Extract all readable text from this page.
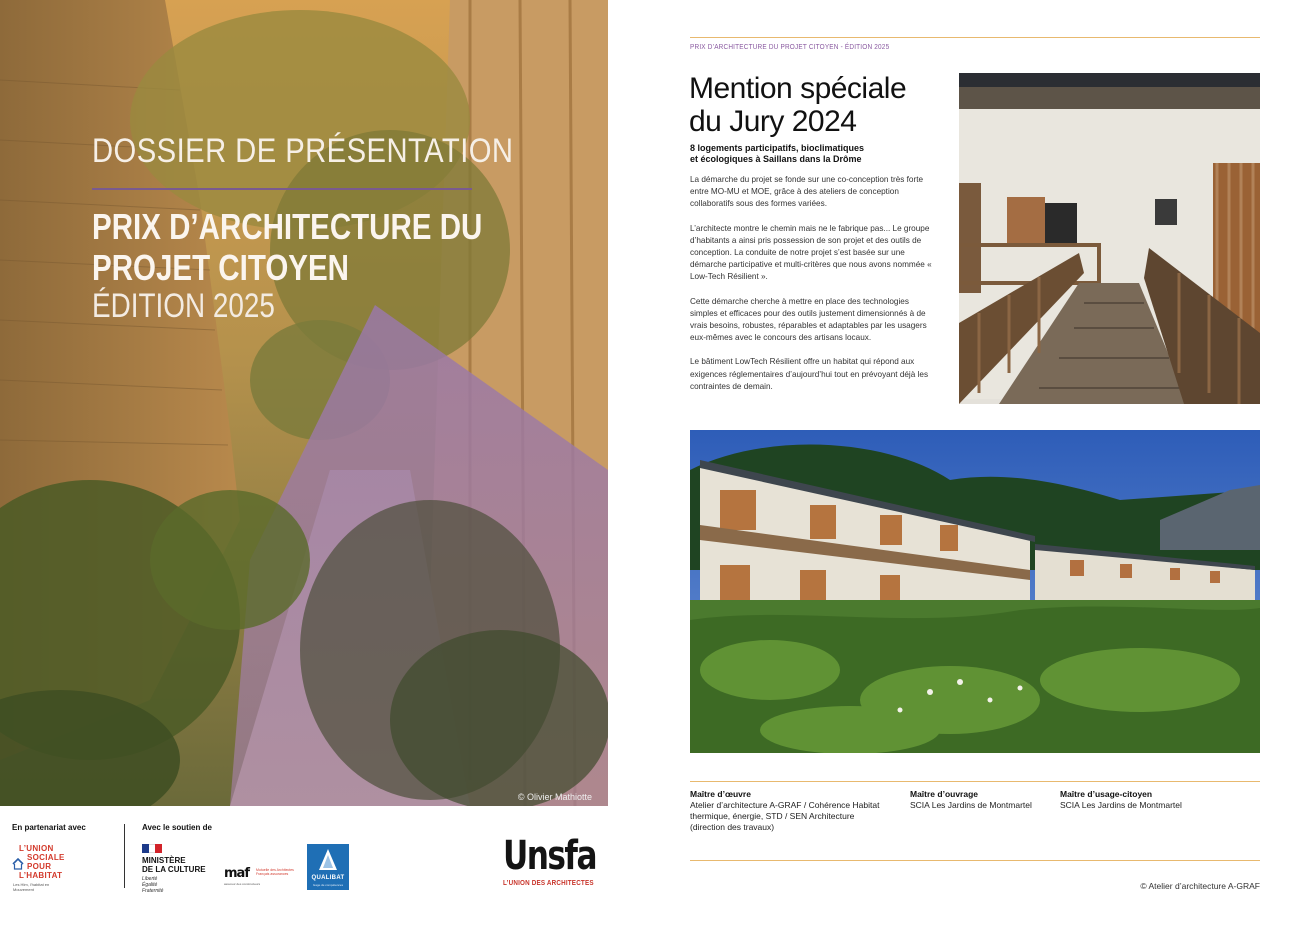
DOSSIER DE PRÉSENTATION
PRIX D’ARCHITECTURE DU
PROJET CITOYEN
ÉDITION 2025
© Olivier Mathiotte
En partenariat avec	Avec le soutien de
L’UNION
SOCIALE
POUR
L’HABITAT
Les Hlm, l’habitat en Mouvement
MINISTÈRE
DE LA CULTURE
Liberté
Égalité
Fraternité
maf	Mutuelle des Architectes Français assurances
assureur des constructeurs
QUALIBAT
Gage de compétences
Unsfa
L’UNION DES ARCHITECTES
PRIX D’ARCHITECTURE DU PROJET CITOYEN - ÉDITION 2025
Mention spéciale
du Jury 2024
8 logements participatifs, bioclimatiques
et écologiques à Saillans dans la Drôme

La démarche du projet se fonde sur une co-conception très forte entre MO-MU et MOE, grâce à des ateliers de conception collaboratifs sous des formes variées.

L’architecte montre le chemin mais ne le fabrique pas... Le groupe d’habitants a ainsi pris possession de son projet et des outils de conception. La conduite de notre projet s’est basée sur une démarche participative et multi-critères que nous avons nommée « Low-Tech Résilient ».

Cette démarche cherche à mettre en place des technologies simples et efficaces pour des outils justement dimensionnés à de vrais besoins, robustes, réparables et adaptables par les usagers eux-mêmes avec le concours des artisans locaux.

Le bâtiment LowTech Résilient offre un habitat qui répond aux exigences réglementaires d’aujourd’hui tout en prévoyant déjà les contraintes de demain.

Maître d’œuvre
Atelier d’architecture A-GRAF / Cohérence Habitat
thermique, énergie, STD / SEN Architecture
(direction des travaux)
Maître d’ouvrage
SCIA Les Jardins de Montmartel
Maître d’usage-citoyen
SCIA Les Jardins de Montmartel
© Atelier d’architecture A-GRAF
